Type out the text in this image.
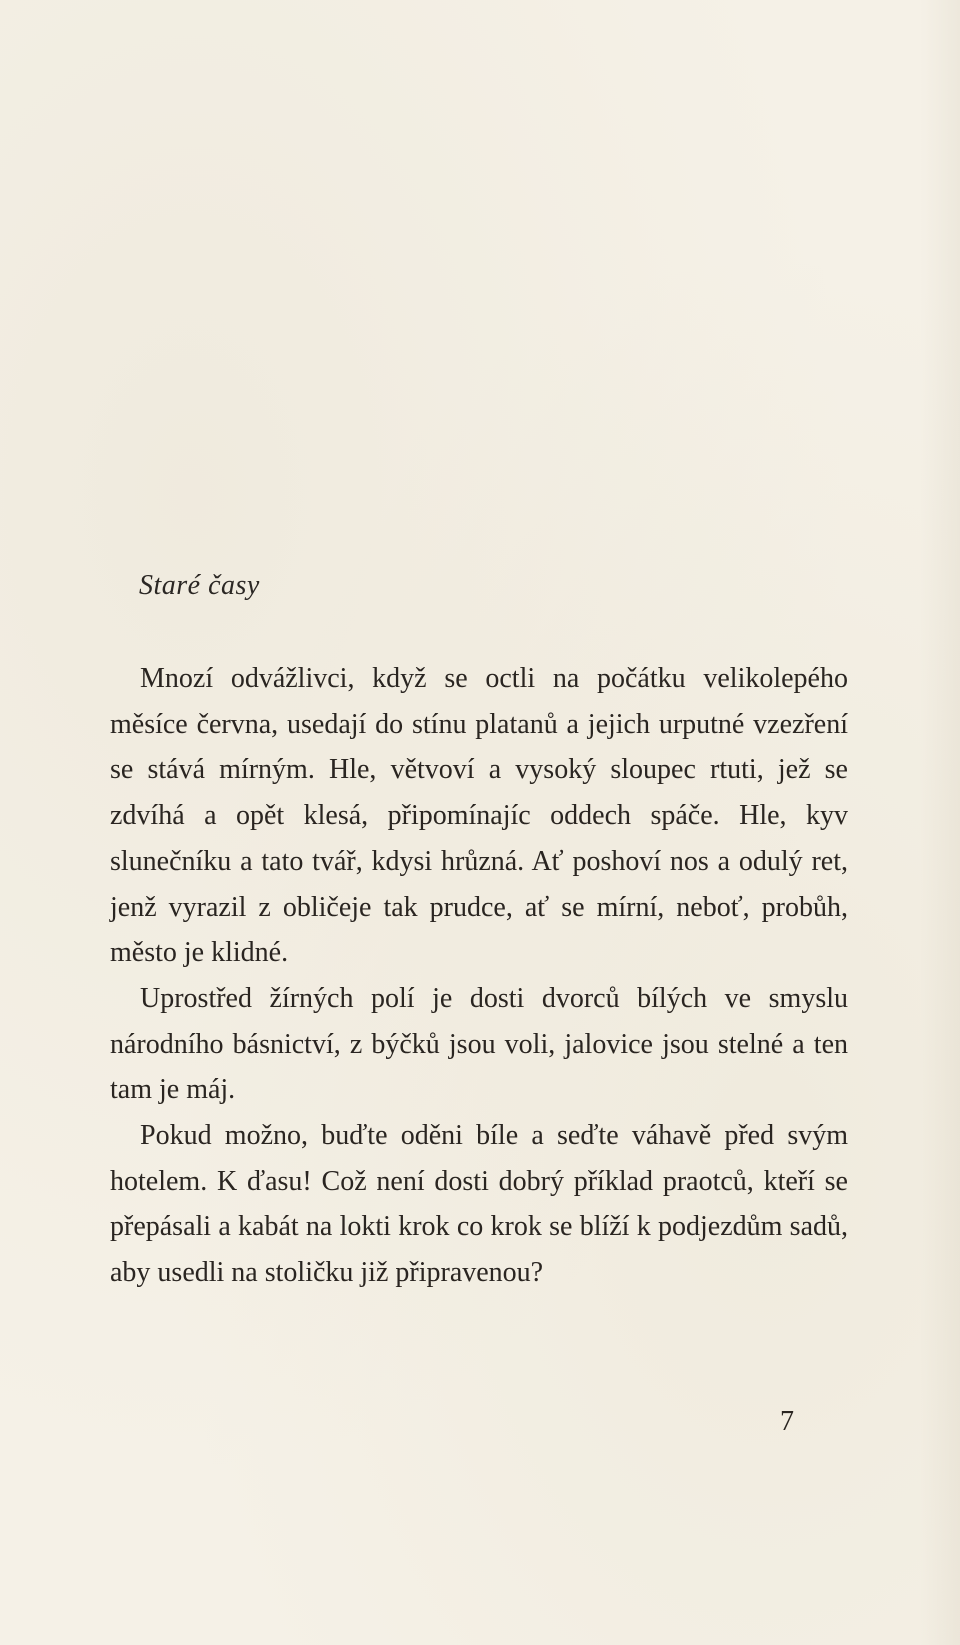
Staré časy

Mnozí odvážlivci, když se octli na počátku velikolepého měsíce června, usedají do stínu platanů a jejich urputné vzezření se stává mírným. Hle, větvoví a vysoký sloupec rtuti, jež se zdvíhá a opět klesá, připomínajíc oddech spáče. Hle, kyv slunečníku a tato tvář, kdysi hrůzná. Ať poshoví nos a odulý ret, jenž vyrazil z obličeje tak prudce, ať se mírní, neboť, probůh, město je klidné.

Uprostřed žírných polí je dosti dvorců bílých ve smyslu národního básnictví, z býčků jsou voli, jalovice jsou stelné a ten tam je máj.

Pokud možno, buďte oděni bíle a seďte váhavě před svým hotelem. K ďasu! Což není dosti dobrý příklad praotců, kteří se přepásali a kabát na lokti krok co krok se blíží k podjezdům sadů, aby usedli na stoličku již připravenou?

7
